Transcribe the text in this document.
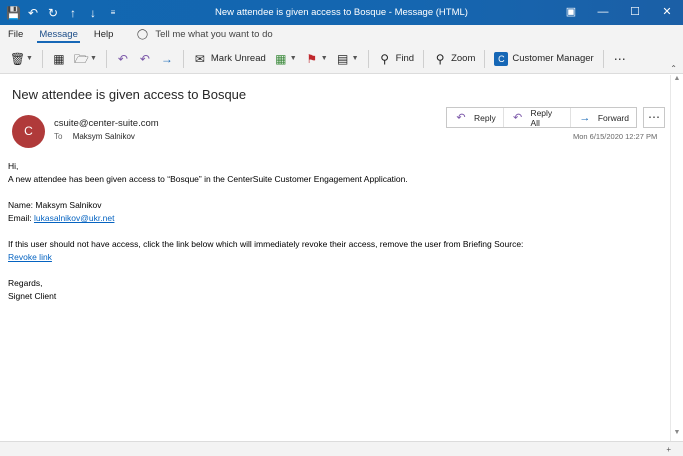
💾 ↶ ↻ ↑	↓	≡	New attendee is given access to Bosque - Message (HTML)	▣	—	☐	✕
File	Message	Help	◯ Tell me what you want to do
🗑 ▼ ▦ 🗁 ▼ ↶ ↶ → ✉ Mark Unread ▦ ▼ ⚑ ▼ ▤ ▼ ⚲ Find ⚲ Zoom	C Customer Manager ⋯
⌃
New attendee is given access to Bosque
C
csuite@center-suite.com
To Maksym Salnikov
↶ Reply ↶ Reply All	→ Forward	⋯
Mon 6/15/2020 12:27 PM

Hi,

A new attendee has been given access to “Bosque” in the CenterSuite Customer Engagement Application.

Name: Maksym Salnikov

Email: lukasalnikov@ukr.net

If this user should not have access, click the link below which will immediately revoke their access, remove the user from Briefing Source:

Revoke link

Regards,

Signet Client

▲
▼
+
